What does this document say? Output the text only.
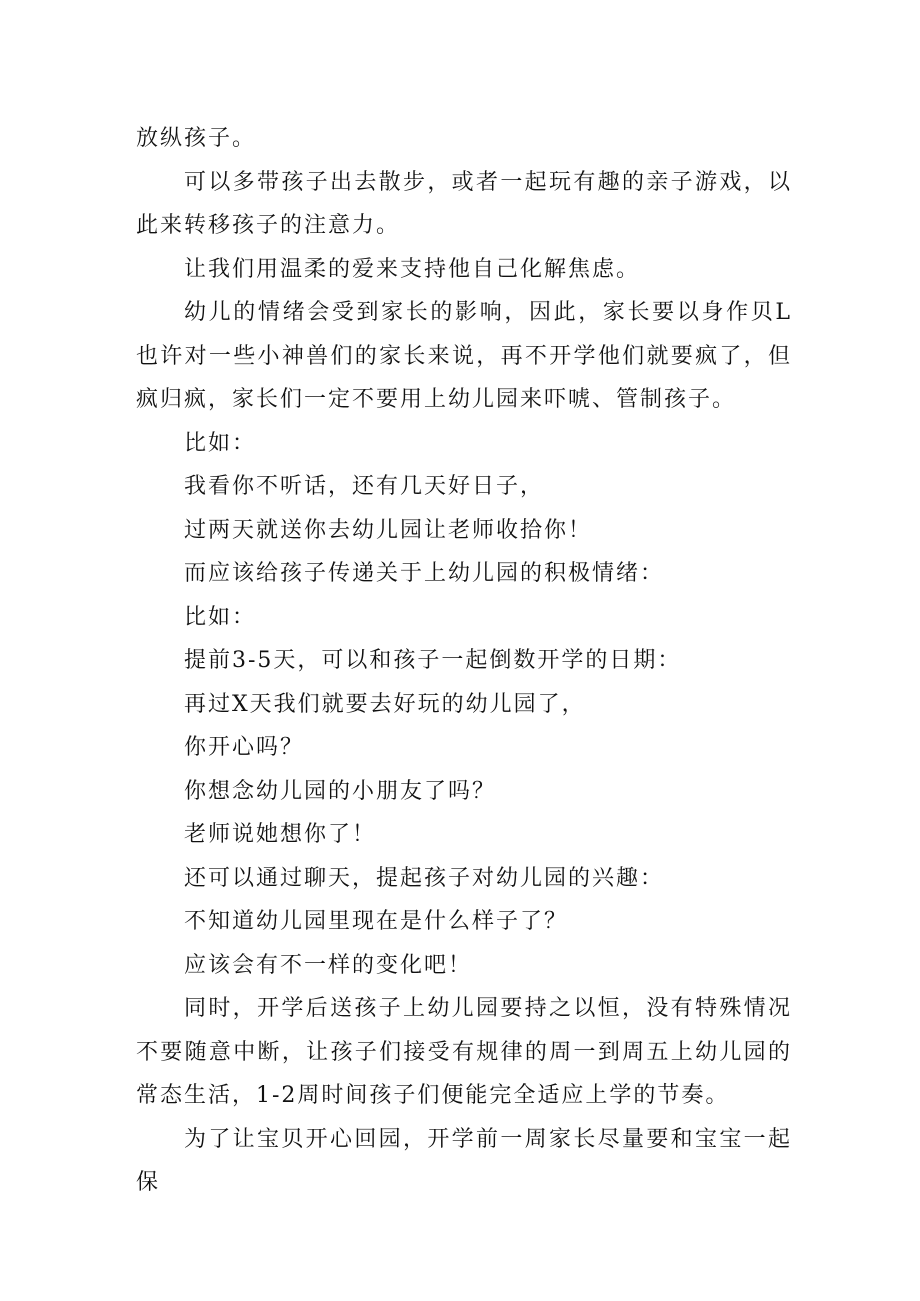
放纵孩子。

可以多带孩子出去散步，或者一起玩有趣的亲子游戏，以此来转移孩子的注意力。

让我们用温柔的爱来支持他自己化解焦虑。

幼儿的情绪会受到家长的影响，因此，家长要以身作贝L也许对一些小神兽们的家长来说，再不开学他们就要疯了，但疯归疯，家长们一定不要用上幼儿园来吓唬、管制孩子。

比如：

我看你不听话，还有几天好日子，

过两天就送你去幼儿园让老师收拾你！

而应该给孩子传递关于上幼儿园的积极情绪：

比如：

提前3-5天，可以和孩子一起倒数开学的日期：

再过X天我们就要去好玩的幼儿园了，

你开心吗？

你想念幼儿园的小朋友了吗？

老师说她想你了！

还可以通过聊天，提起孩子对幼儿园的兴趣：

不知道幼儿园里现在是什么样子了？

应该会有不一样的变化吧！

同时，开学后送孩子上幼儿园要持之以恒，没有特殊情况不要随意中断，让孩子们接受有规律的周一到周五上幼儿园的常态生活，1-2周时间孩子们便能完全适应上学的节奏。

为了让宝贝开心回园，开学前一周家长尽量要和宝宝一起保
